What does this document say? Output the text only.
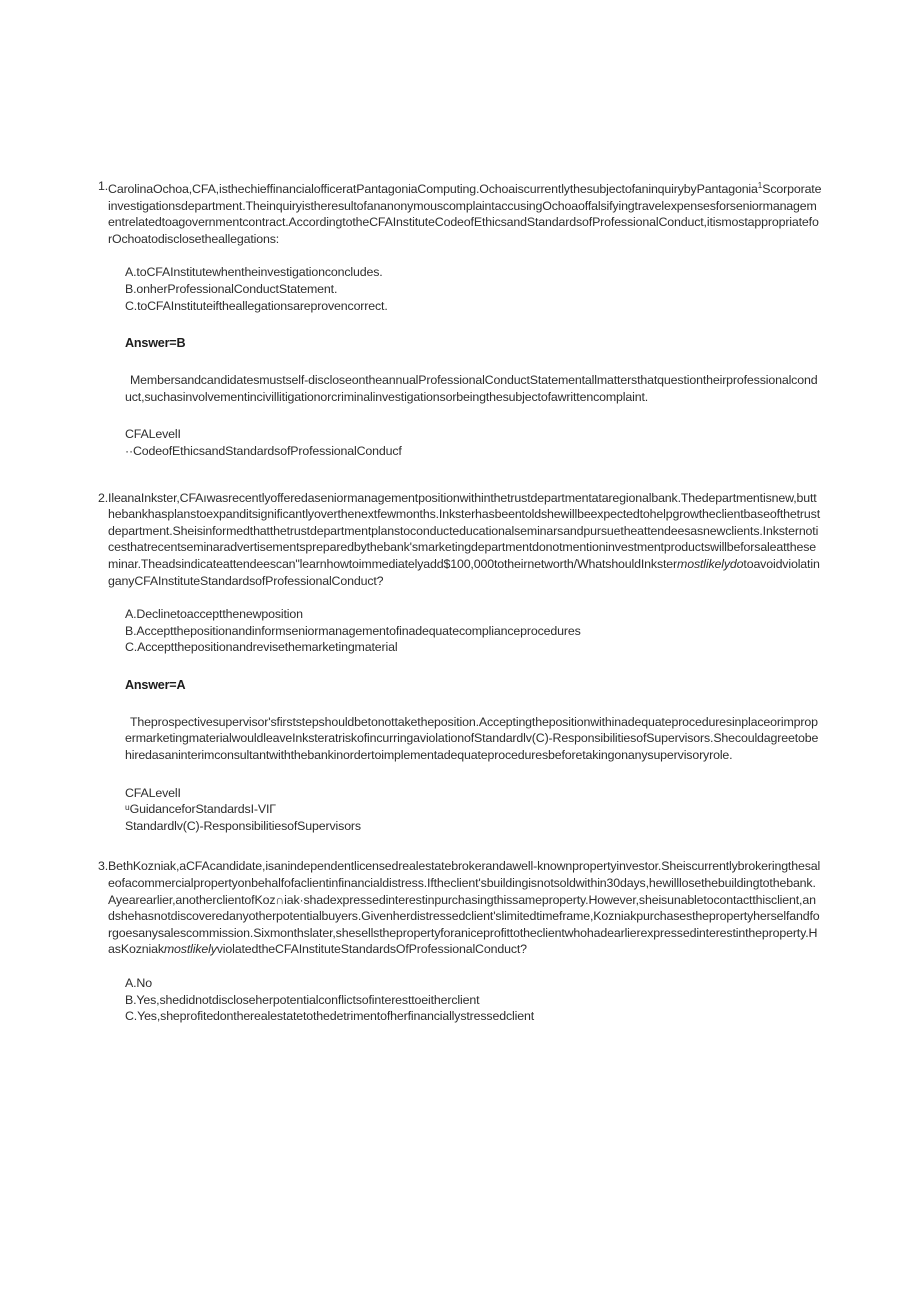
1. CarolinaOchoa,CFA,isthechieffinancialofficeratPantagoniaComputing.OchoaiscurrentlythesubjectofaninquirybyPantagonia$^1$Scorporateinvestigationsdepartment.TheinquiryistheresultofananonymouscomplaintaccusingOchoaoffalsifyingtravelexpensesforseniormanagementrelatedtoagovernmentcontract.AccordingtotheCFAInstituteCodeofEthicsandStandardsofProfessionalConduct,itismostappropriateforOchoatodisclosetheallegations:
A.toCFAInstitutewhentheinvestigationconcludes.
B.onherProfessionalConductStatement.
C.toCFAInstituteiftheallegationsareprovencorrect.
Answer=B
Membersandcandidatesmustself-discloseontheannualProfessionalConductStatementallmattersthatquestiontheirprofessionalconduct,suchasinvolvementincivillitigationorcriminalinvestigationsorbeingthesubjectofawrittencomplaint.
CFALevelI
··CodeofEthicsandStandardsofProfessionalConducf
2. IleanaInkster,CFAıwasrecentlyofferedaseniormanagementpositionwithinthetrustdepartmentataregionalbank.Thedepartmentisnew,butthebankhasplanstoexpanditsignificantlyoverthenextfewmonths.Inksterhasbeentoldshewillbeexpectedtohelpgrowtheclientbaseofthetrustdepartment.Sheisinformedthatthetrustdepartmentplanstoconducteducationalseminarsandpursuetheattendeesasnewclients.Inksternoticesthatrecentseminaradvertisementspreparedbythebank'smarketingdepartmentdonotmentioninvestmentproductswillbeforsaleattheseminar.Theadsindicateattendeescan"learnhowtoimmediatelyadd$100,000totheirnetworth/WhatshouldInkstermostlikelydotoavoidviolatinganyCFAInstituteStandardsofProfessionalConduct?
A.Declinetoacceptthenewposition
B.Acceptthepositionandinformseniormanagementofinadequatecomplianceprocedures
C.Acceptthepositionandrevisethemarketingmaterial
Answer=A
Theprospectivesupervisor'sfirststepshouldbetonottaketheposition.AcceptingthepositionwithinadequateproceduresinplaceorimpropermarketingmaterialwouldleaveInksteratriskofincurringaviolationofStandardlv(C)-ResponsibilitiesofSupervisors.Shecouldagreetobehiredasaninterimconsultantwiththebankinordertoimplementadequateproceduresbeforetakingonanysupervisoryrole.
CFALevelI
ᵘGuidanceforStandardsI-VIΓ
Standardlv(C)-ResponsibilitiesofSupervisors
3. BethKozniak,aCFAcandidate,isanindependentlicensedrealestatebrokerandawell-knownpropertyinvestor.Sheiscurrentlybrokeringthesaleofacommercialpropertyonbehalfofaclientinfinancialdistress.Iftheclient'sbuildingisnotsoldwithin30days,hewilllosethebuildingtothebank.Ayearearlier,anotherclientofKoz∩iak·shadexpressedinterestinpurchasingthissameproperty.However,sheisunabletocontactthisclient,andshehasnotdiscoveredanyotherpotentialbuyers.Givenherdistressedclient'slimitedtimeframe,Kozniakpurchasesthepropertyherselfandforgoesanysalescommission.Sixmonthslater,shesellsthepropertyforaniceprofittotheclientwhohadearlierexpressedinterestintheproperty.HasKozniakmostlikelyviolatedtheCFAInstituteStandardsOfProfessionalConduct?
A.No
B.Yes,shedidnotdiscloseherpotentialconflictsofinteresttoeitherclient
C.Yes,sheprofitedontherealestatetothedetrimentofherfinanciallystressedclient
